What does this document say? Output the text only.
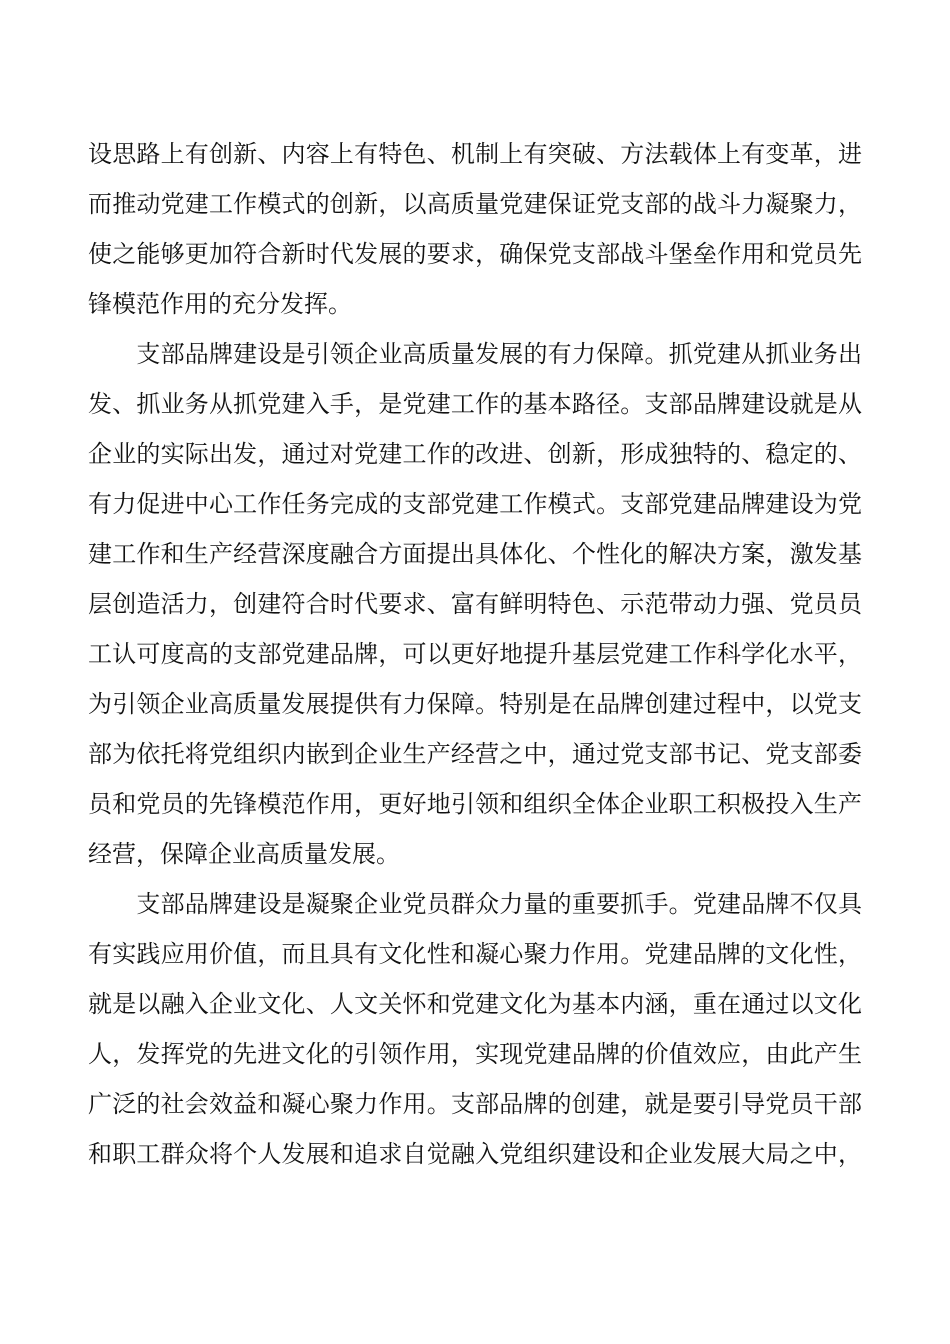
设思路上有创新、内容上有特色、机制上有突破、方法载体上有变革，进
而推动党建工作模式的创新，以高质量党建保证党支部的战斗力凝聚力，
使之能够更加符合新时代发展的要求，确保党支部战斗堡垒作用和党员先
锋模范作用的充分发挥。
　　支部品牌建设是引领企业高质量发展的有力保障。抓党建从抓业务出
发、抓业务从抓党建入手，是党建工作的基本路径。支部品牌建设就是从
企业的实际出发，通过对党建工作的改进、创新，形成独特的、稳定的、
有力促进中心工作任务完成的支部党建工作模式。支部党建品牌建设为党
建工作和生产经营深度融合方面提出具体化、个性化的解决方案，激发基
层创造活力，创建符合时代要求、富有鲜明特色、示范带动力强、党员员
工认可度高的支部党建品牌，可以更好地提升基层党建工作科学化水平，
为引领企业高质量发展提供有力保障。特别是在品牌创建过程中，以党支
部为依托将党组织内嵌到企业生产经营之中，通过党支部书记、党支部委
员和党员的先锋模范作用，更好地引领和组织全体企业职工积极投入生产
经营，保障企业高质量发展。
　　支部品牌建设是凝聚企业党员群众力量的重要抓手。党建品牌不仅具
有实践应用价值，而且具有文化性和凝心聚力作用。党建品牌的文化性，
就是以融入企业文化、人文关怀和党建文化为基本内涵，重在通过以文化
人，发挥党的先进文化的引领作用，实现党建品牌的价值效应，由此产生
广泛的社会效益和凝心聚力作用。支部品牌的创建，就是要引导党员干部
和职工群众将个人发展和追求自觉融入党组织建设和企业发展大局之中，
